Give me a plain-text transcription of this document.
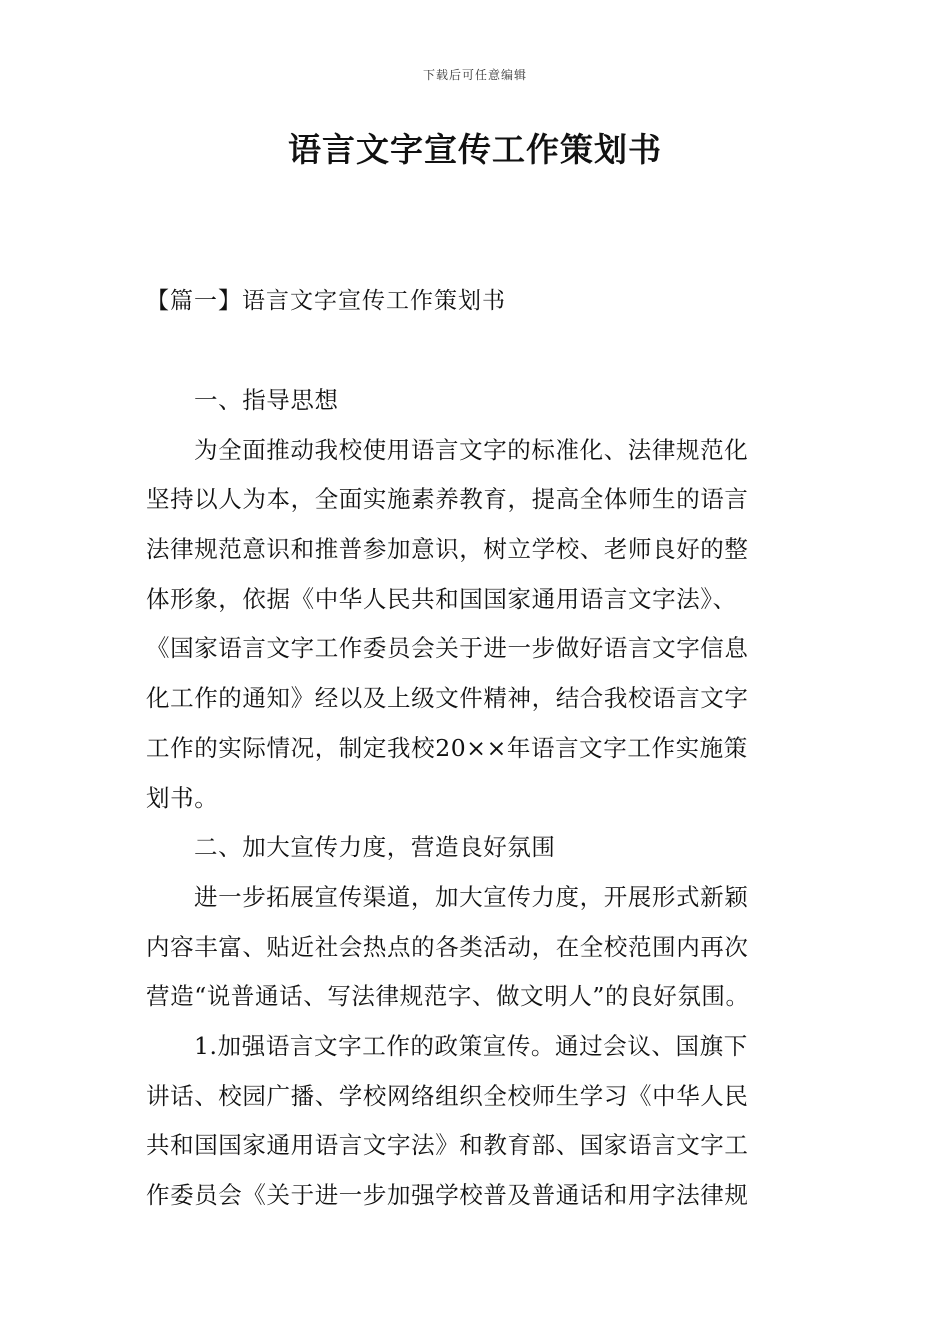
下载后可任意编辑
语言文字宣传工作策划书
【篇一】语言文字宣传工作策划书
一、指导思想
为全面推动我校使用语言文字的标准化、法律规范化
坚持以人为本，全面实施素养教育，提高全体师生的语言
法律规范意识和推普参加意识，树立学校、老师良好的整
体形象，依据《中华人民共和国国家通用语言文字法》、
《国家语言文字工作委员会关于进一步做好语言文字信息
化工作的通知》经以及上级文件精神，结合我校语言文字
工作的实际情况，制定我校20××年语言文字工作实施策
划书。
二、加大宣传力度，营造良好氛围
进一步拓展宣传渠道，加大宣传力度，开展形式新颖
内容丰富、贴近社会热点的各类活动，在全校范围内再次
营造“说普通话、写法律规范字、做文明人”的良好氛围。
1.加强语言文字工作的政策宣传。通过会议、国旗下
讲话、校园广播、学校网络组织全校师生学习《中华人民
共和国国家通用语言文字法》和教育部、国家语言文字工
作委员会《关于进一步加强学校普及普通话和用字法律规
